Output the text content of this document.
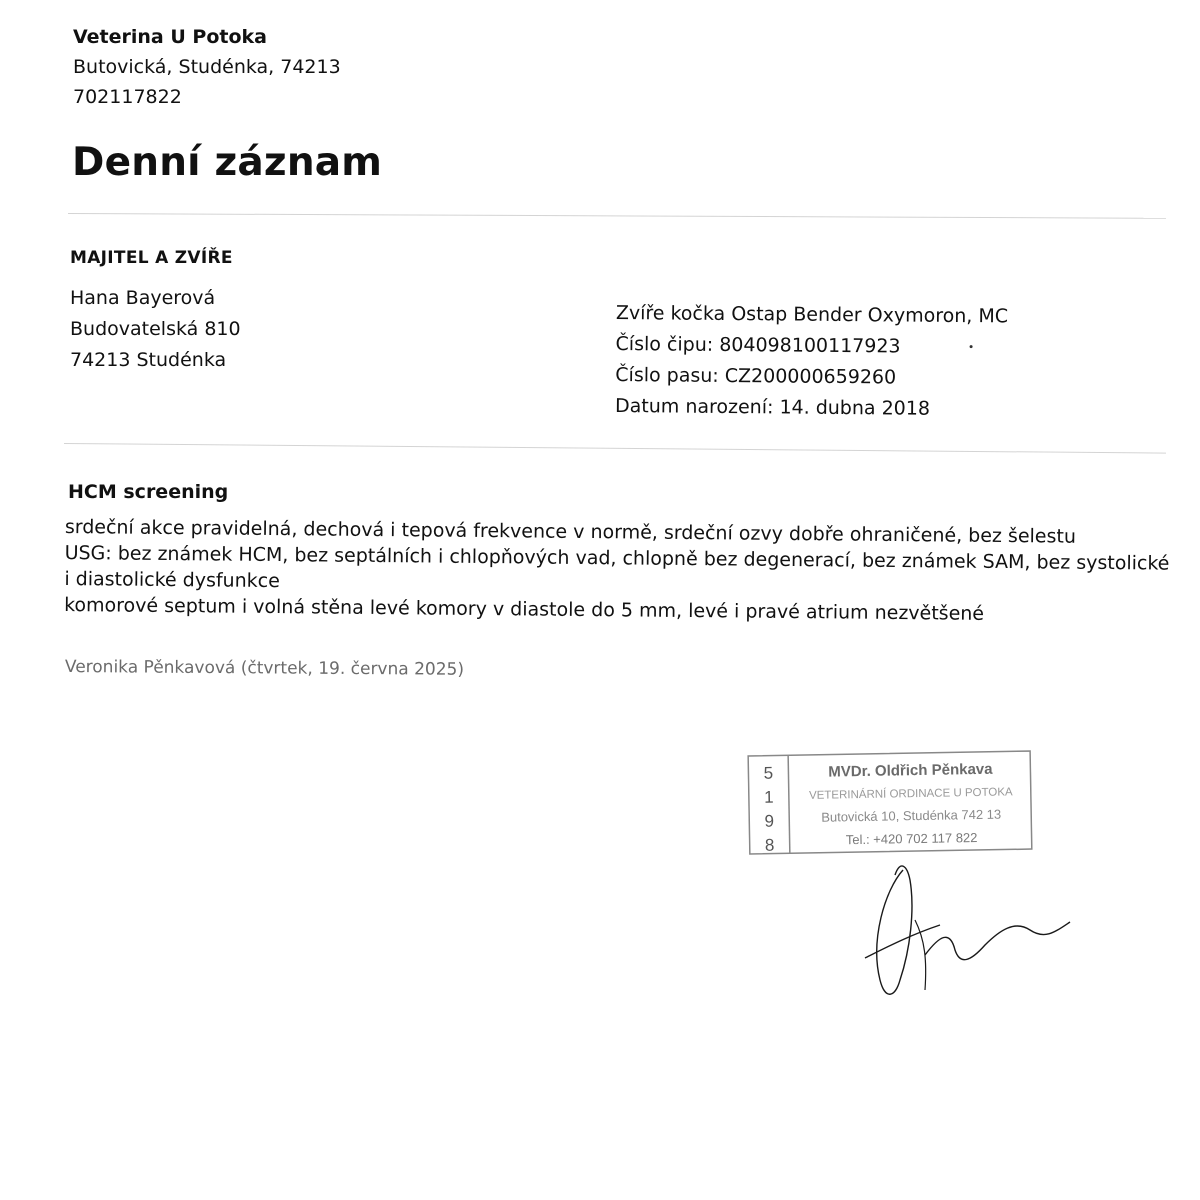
Veterina U Potoka
Butovická, Studénka, 74213
702117822
Denní záznam
MAJITEL A ZVÍŘE
Hana Bayerová
Budovatelská 810
74213 Studénka
Zvíře kočka Ostap Bender Oxymoron, MC
Číslo čipu: 804098100117923
Číslo pasu: CZ200000659260
Datum narození: 14. dubna 2018
HCM screening
srdeční akce pravidelná, dechová i tepová frekvence v normě, srdeční ozvy dobře ohraničené, bez šelestu
USG: bez známek HCM, bez septálních i chlopňových vad, chlopně bez degenerací, bez známek SAM, bez systolické
i diastolické dysfunkce
komorové septum i volná stěna levé komory v diastole do 5 mm, levé i pravé atrium nezvětšené
Veronika Pěnkavová (čtvrtek, 19. června 2025)
5
1
9
8
MVDr. Oldřich Pěnkava
VETERINÁRNÍ ORDINACE U POTOKA
Butovická 10, Studénka 742 13
Tel.: +420 702 117 822
